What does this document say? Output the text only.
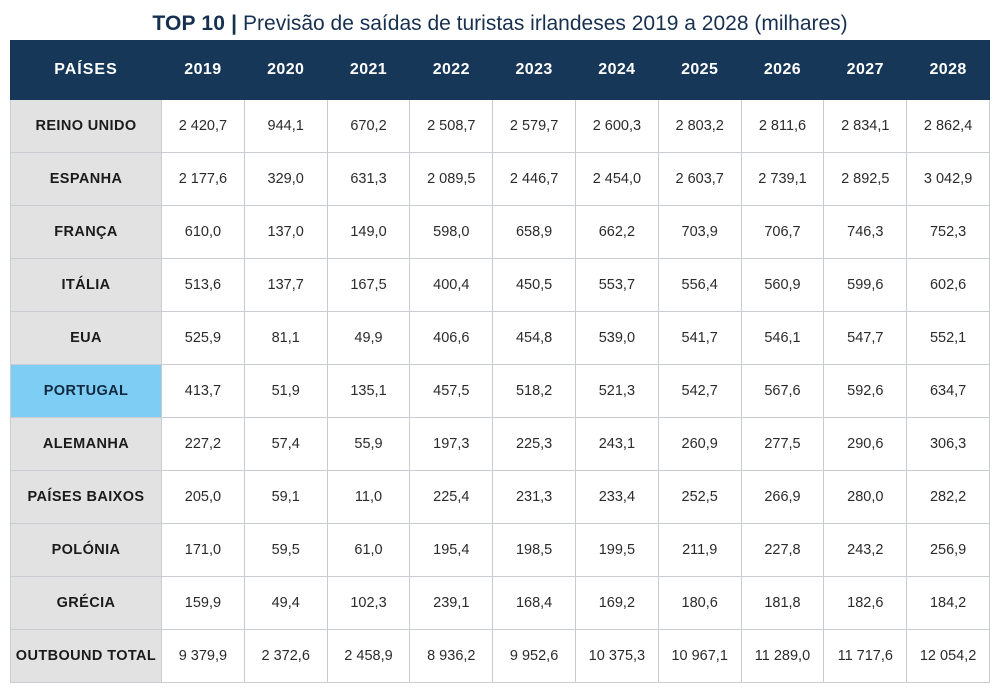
TOP 10 | Previsão de saídas de turistas irlandeses 2019 a 2028 (milhares)
PAÍSES	2019	2020	2021	2022	2023	2024	2025	2026	2027	2028
REINO UNIDO	2 420,7	944,1	670,2	2 508,7	2 579,7	2 600,3	2 803,2	2 811,6	2 834,1	2 862,4
ESPANHA	2 177,6	329,0	631,3	2 089,5	2 446,7	2 454,0	2 603,7	2 739,1	2 892,5	3 042,9
FRANÇA	610,0	137,0	149,0	598,0	658,9	662,2	703,9	706,7	746,3	752,3
ITÁLIA	513,6	137,7	167,5	400,4	450,5	553,7	556,4	560,9	599,6	602,6
EUA	525,9	81,1	49,9	406,6	454,8	539,0	541,7	546,1	547,7	552,1
PORTUGAL	413,7	51,9	135,1	457,5	518,2	521,3	542,7	567,6	592,6	634,7
ALEMANHA	227,2	57,4	55,9	197,3	225,3	243,1	260,9	277,5	290,6	306,3
PAÍSES BAIXOS	205,0	59,1	11,0	225,4	231,3	233,4	252,5	266,9	280,0	282,2
POLÓNIA	171,0	59,5	61,0	195,4	198,5	199,5	211,9	227,8	243,2	256,9
GRÉCIA	159,9	49,4	102,3	239,1	168,4	169,2	180,6	181,8	182,6	184,2
OUTBOUND TOTAL	9 379,9	2 372,6	2 458,9	8 936,2	9 952,6	10 375,3	10 967,1	11 289,0	11 717,6	12 054,2
